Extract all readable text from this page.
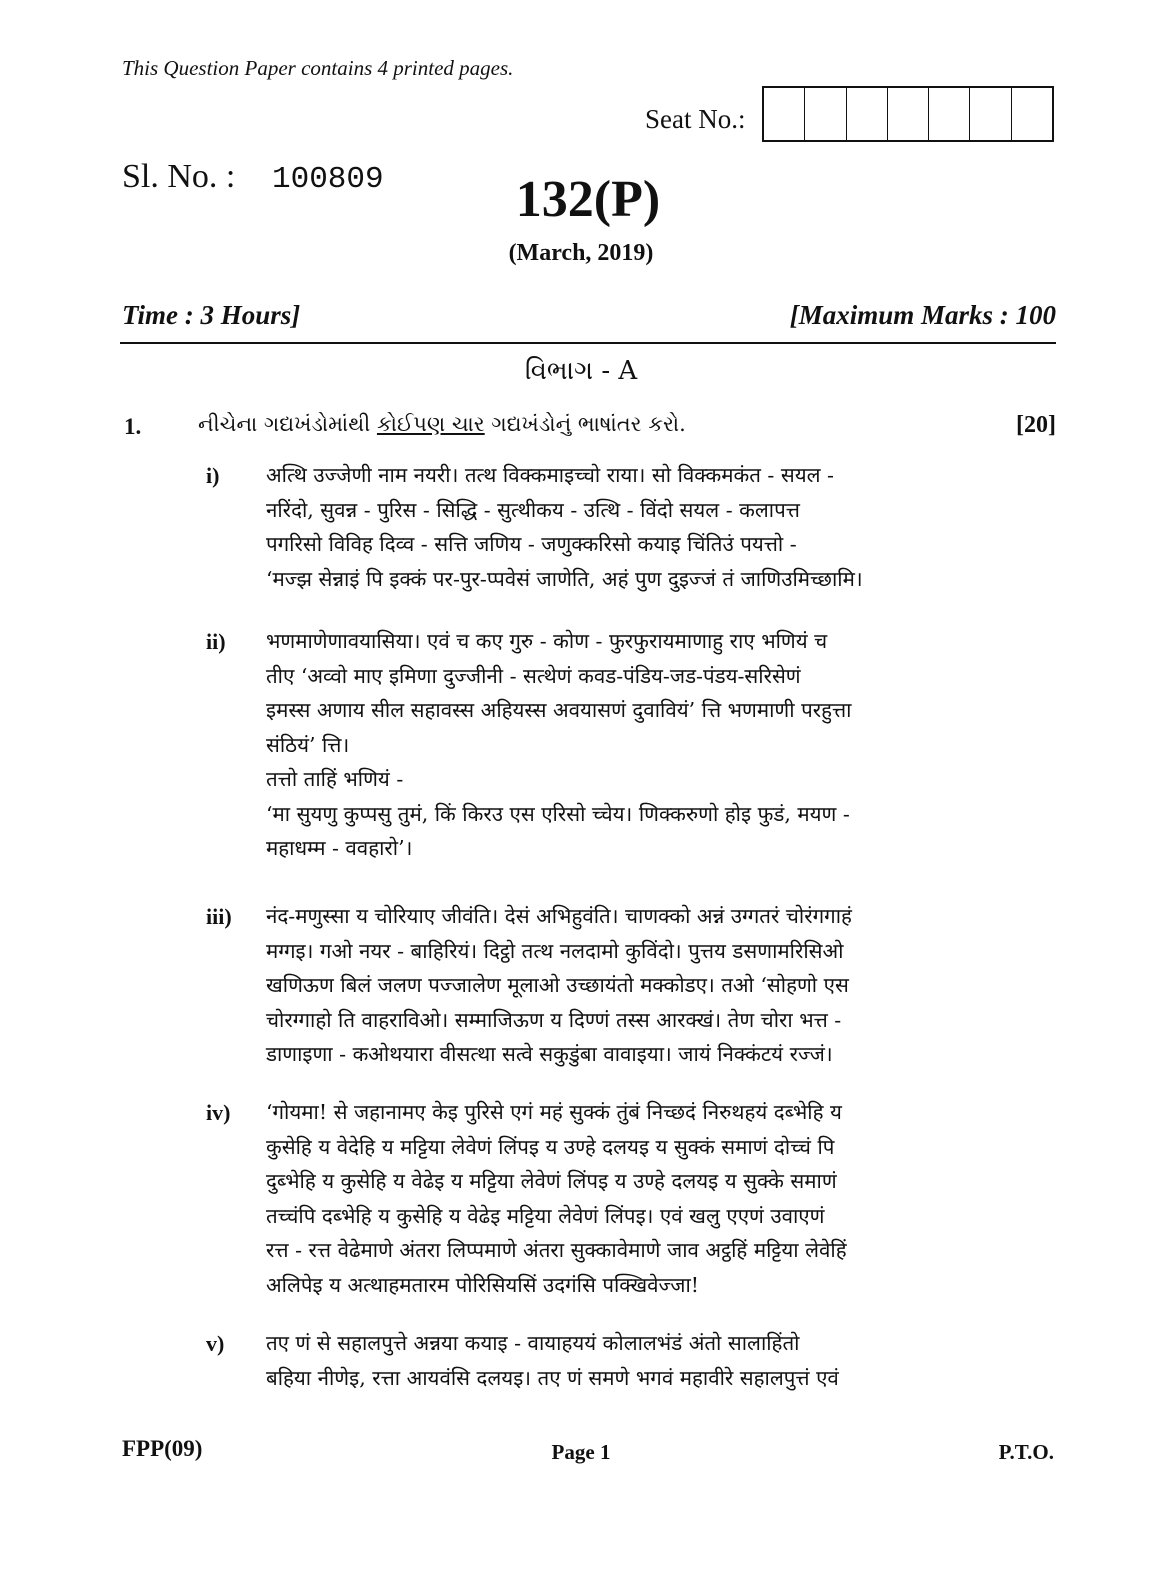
This Question Paper contains 4 printed pages.
Seat No.:
Sl. No. : 100809	132(P)
(March, 2019)
Time : 3 Hours]	[Maximum Marks : 100
વિભાગ - A
1.	નીચેના ગદ્યખંડોમાંથી કોઈપણ ચાર ગદ્યખંડોનું ભાષાંતર કરો.	[20]
i) अत्थि उज्जेणी नाम नयरी। तत्थ विक्कमाइच्चो राया। सो विक्कमकंत - सयल -
नरिंदो, सुवन्न - पुरिस - सिद्धि - सुत्थीकय - उत्थि - विंदो सयल - कलापत्त
पगरिसो विविह दिव्व - सत्ति जणिय - जणुक्करिसो कयाइ चिंतिउं पयत्तो -
‘मज्झ सेन्नाइं पि इक्कं पर-पुर-प्पवेसं जाणेति, अहं पुण दुइज्जं तं जाणिउमिच्छामि।
ii) भणमाणेणावयासिया। एवं च कए गुरु - कोण - फुरफुरायमाणाहु राए भणियं च
तीए ‘अव्वो माए इमिणा दुज्जीनी - सत्थेणं कवड-पंडिय-जड-पंडय-सरिसेणं
इमस्स अणाय सील सहावस्स अहियस्स अवयासणं दुवावियं’ त्ति भणमाणी परहुत्ता
संठियं’ त्ति।
तत्तो ताहिं भणियं -
‘मा सुयणु कुप्पसु तुमं, किं किरउ एस एरिसो च्चेय। णिक्करुणो होइ फुडं, मयण -
महाधम्म - ववहारो’।
iii) नंद-मणुस्सा य चोरियाए जीवंति। देसं अभिहुवंति। चाणक्को अन्नं उग्गतरं चोरंगगाहं
मग्गइ। गओ नयर - बाहिरियं। दिट्ठो तत्थ नलदामो कुविंदो। पुत्तय डसणामरिसिओ
खणिऊण बिलं जलण पज्जालेण मूलाओ उच्छायंतो मक्कोडए। तओ ‘सोहणो एस
चोरग्गाहो ति वाहराविओ। सम्माजिऊण य दिण्णं तस्स आरक्खं। तेण चोरा भत्त -
डाणाइणा - कओथयारा वीसत्था सत्वे सकुडुंबा वावाइया। जायं निक्कंटयं रज्जं।
iv) ‘गोयमा! से जहानामए केइ पुरिसे एगं महं सुक्कं तुंबं निच्छदं निरुथहयं दब्भेहि य
कुसेहि य वेदेहि य मट्टिया लेवेणं लिंपइ य उण्हे दलयइ य सुक्कं समाणं दोच्चं पि
दुब्भेहि य कुसेहि य वेढेइ य मट्टिया लेवेणं लिंपइ य उण्हे दलयइ य सुक्के समाणं
तच्चंपि दब्भेहि य कुसेहि य वेढेइ मट्टिया लेवेणं लिंपइ। एवं खलु एएणं उवाएणं
रत्त - रत्त वेढेमाणे अंतरा लिप्पमाणे अंतरा सुक्कावेमाणे जाव अट्ठहिं मट्टिया लेवेहिं
अलिपेइ य अत्थाहमतारम पोरिसियसिं उदगंसि पक्खिवेज्जा!
v) तए णं से सहालपुत्ते अन्नया कयाइ - वायाहययं कोलालभंडं अंतो सालाहिंतो
बहिया नीणेइ, रत्ता आयवंसि दलयइ। तए णं समणे भगवं महावीरे सहालपुत्तं एवं
FPP(09)	Page 1	P.T.O.
